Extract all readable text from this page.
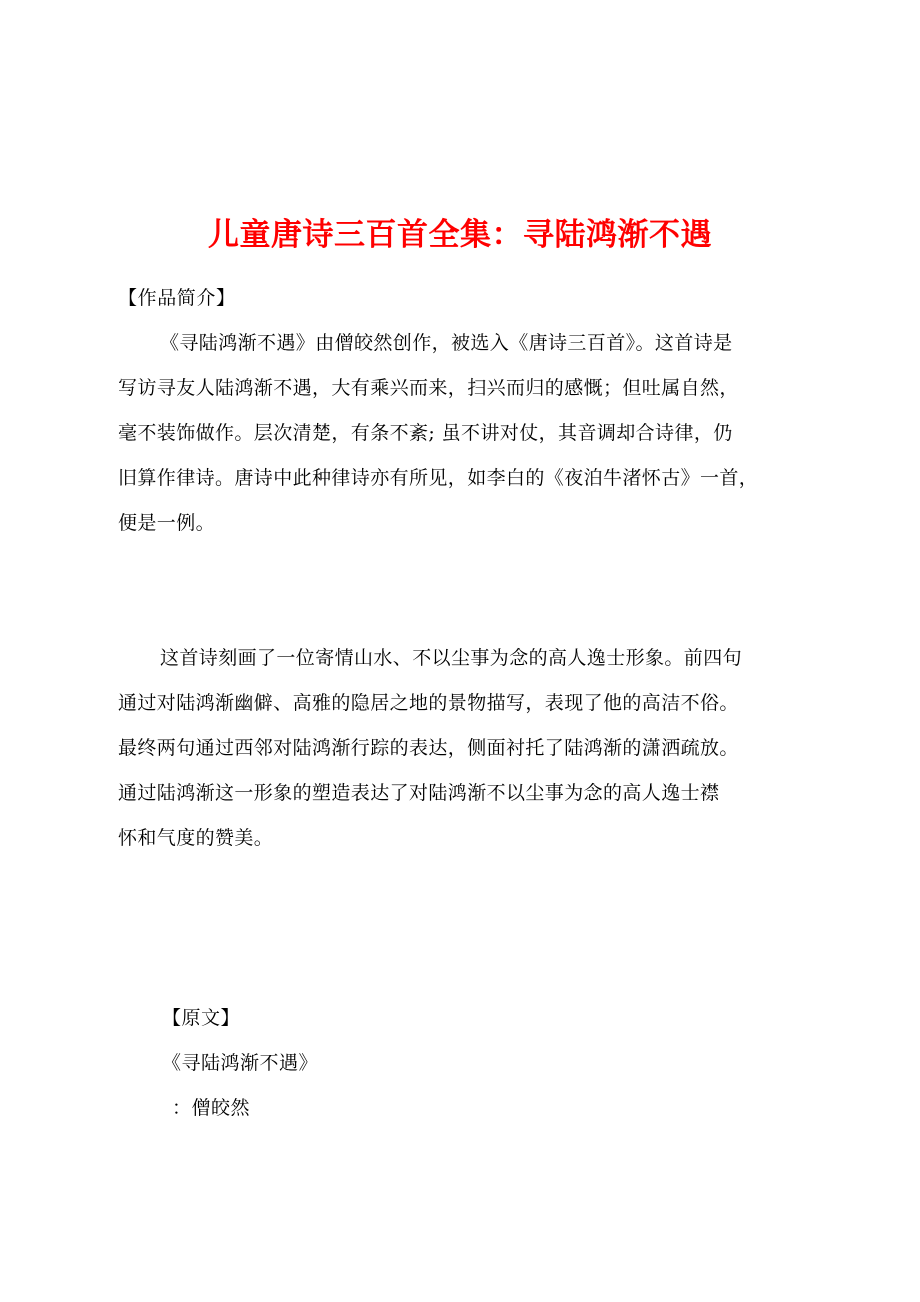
儿童唐诗三百首全集：寻陆鸿渐不遇
【作品简介】
《寻陆鸿渐不遇》由僧皎然创作，被选入《唐诗三百首》。这首诗是
写访寻友人陆鸿渐不遇，大有乘兴而来，扫兴而归的感慨；但吐属自然，
毫不装饰做作。层次清楚，有条不紊; 虽不讲对仗，其音调却合诗律，仍
旧算作律诗。唐诗中此种律诗亦有所见，如李白的《夜泊牛渚怀古》一首，
便是一例。
这首诗刻画了一位寄情山水、不以尘事为念的高人逸士形象。前四句
通过对陆鸿渐幽僻、高雅的隐居之地的景物描写，表现了他的高洁不俗。
最终两句通过西邻对陆鸿渐行踪的表达，侧面衬托了陆鸿渐的潇洒疏放。
通过陆鸿渐这一形象的塑造表达了对陆鸿渐不以尘事为念的高人逸士襟
怀和气度的赞美。
【原文】
《寻陆鸿渐不遇》
：僧皎然
